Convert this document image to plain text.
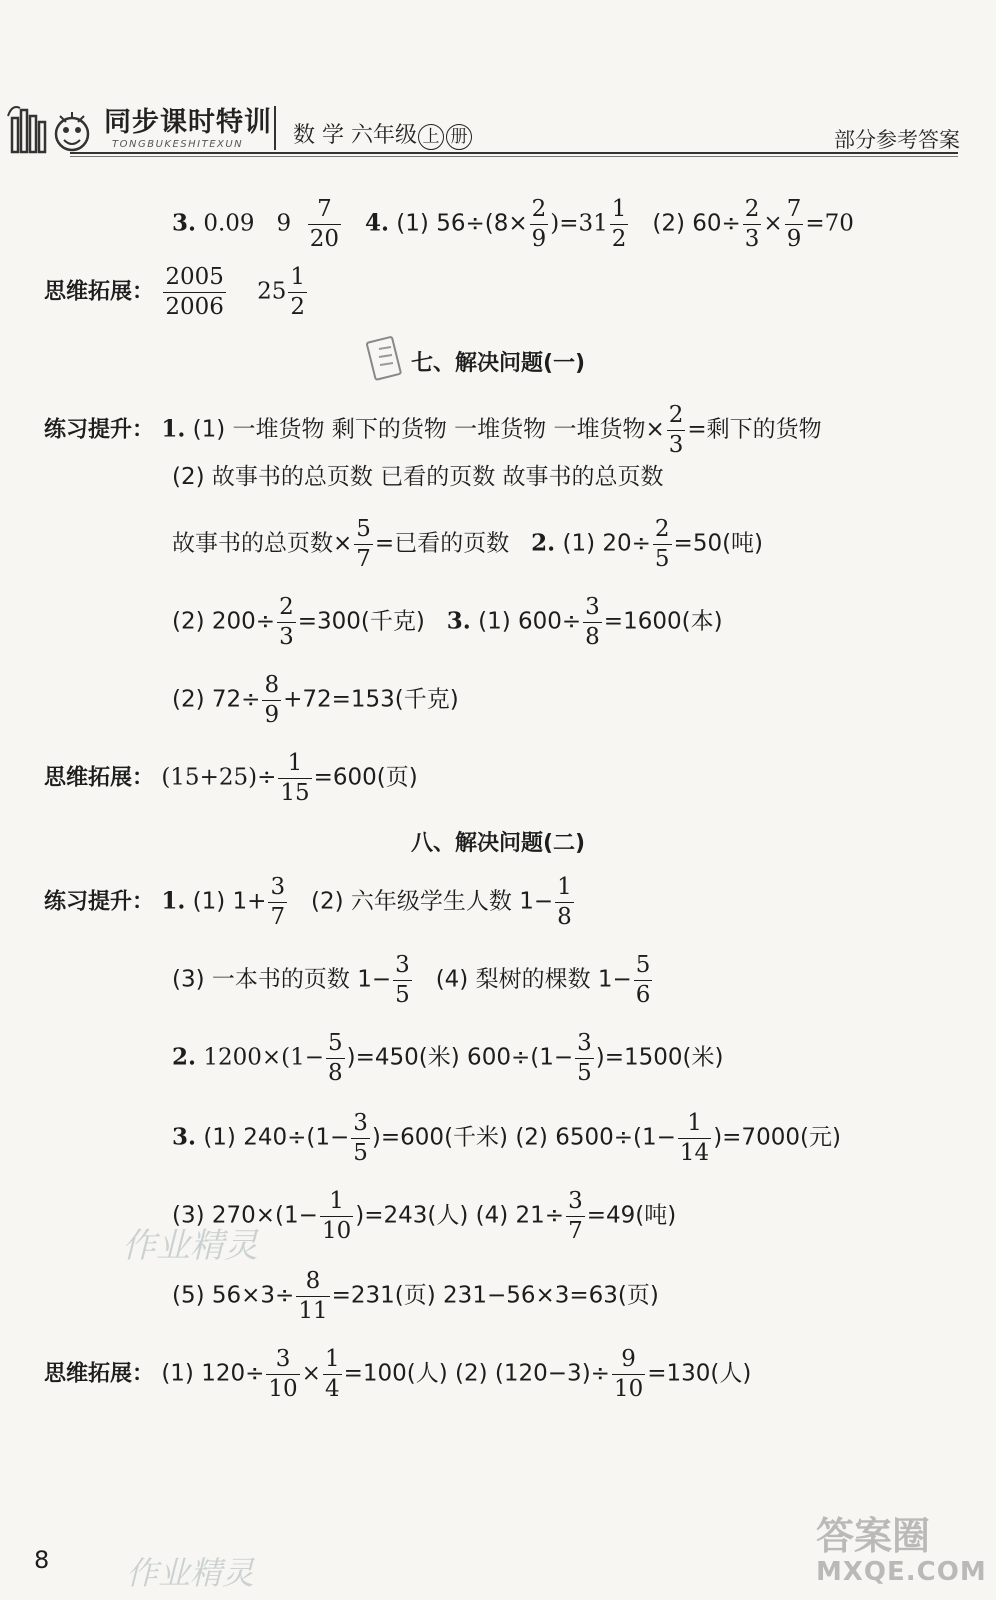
同步课时特训
TONGBUKESHITEXUN 数 学 六年级 上 册	部分参考答案
3. 0.09 $9 \frac{7}{20} 4$. (1) $56\div(8\times \frac{2}{9} )=31 \frac{1}{2} (2)$ $60\div \frac{2}{3} \times \frac{7}{9} =70$
思维拓展： $\frac{2005}{2006} 25 \frac{1}{2}$
七、解决问题(一)
练习提升： 1. (1) 一堆货物 剩下的货物 一堆货物 一堆货物× $\frac{2}{3}$ =剩下的货物
(2) 故事书的总页数 已看的页数 故事书的总页数
故事书的总页数× $\frac{5}{7}$ =已看的页数 2. (1) $20\div \frac{2}{5} =50$(吨)
(2) $200\div \frac{2}{3} =300$(千克) 3. (1) $600\div \frac{3}{8} =1600$(本)
(2) $72\div \frac{8}{9} +72=153$(千克)
思维拓展： $(15+25)\div \frac{1}{15} =600$(页)
八、解决问题(二)
练习提升： 1. (1) $1+ \frac{3}{7} (2)$ 六年级学生人数 $1- \frac{1}{8}$
(3) 一本书的页数 $1- \frac{3}{5} (4)$ 梨树的棵数 $1- \frac{5}{6}$
2. $1200\times(1- \frac{5}{8} )=450$(米) $600\div(1- \frac{3}{5} )=1500$(米)
3. (1) $240\div(1- \frac{3}{5} )=600$(千米) (2) $6500\div(1- \frac{1}{14} )=7000$(元)
(3) $270\times(1- \frac{1}{10} )=243$(人) (4) $21\div \frac{3}{7} =49$(吨)
作业精灵
(5) $56\times 3\div \frac{8}{11} =231$(页) 231−56×3=63(页)
思维拓展： (1) $120\div \frac{3}{10} \times \frac{1}{4} =100$(人) (2) $(120-3)\div \frac{9}{10} =130$(人)
8 作业精灵
答案圈
MXQE.COM
